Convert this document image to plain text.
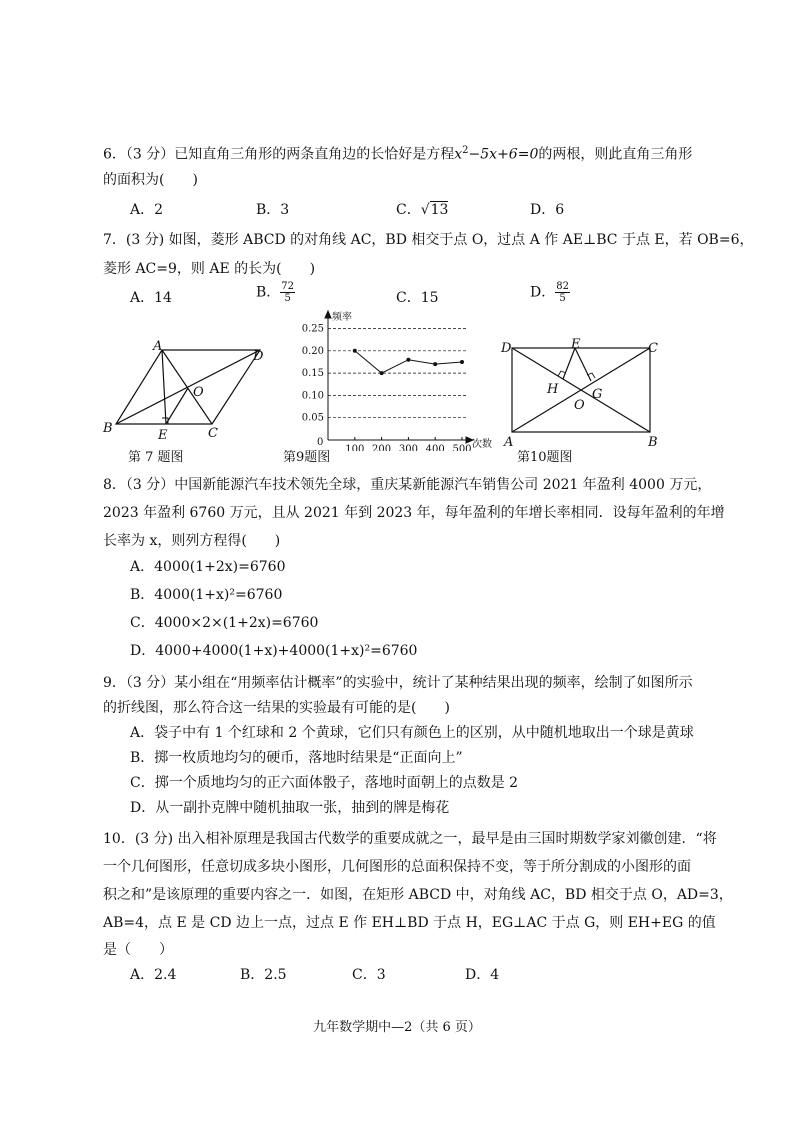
6．（3 分）已知直角三角形的两条直角边的长恰好是方程$x^2-5x+6=0$的两根，则此直角三角形
的面积为(　　)
A．2	B．3	C．√13	D．6
7．(3 分) 如图，菱形 ABCD 的对角线 AC，BD 相交于点 O，过点 A 作 AE⊥BC 于点 E，若 OB=6，
菱形 AC=9，则 AE 的长为(　　)
A．14	B． $\frac{72}{5}$	C．15	D． $\frac{82}{5}$
A
B	C
D
E
O
第 7 题图
0.05
0.10
0.15
0.20
0.25
100 200 300 400 500
频率
次数
0
第9题图
D	C
A	B
E
H
O
G
第10题图
8．（3 分）中国新能源汽车技术领先全球，重庆某新能源汽车销售公司 2021 年盈利 4000 万元，
2023 年盈利 6760 万元，且从 2021 年到 2023 年，每年盈利的年增长率相同．设每年盈利的年增
长率为 x，则列方程得(　　)
A．4000(1+2x)=6760
B．4000(1+x)²=6760
C．4000×2×(1+2x)=6760
D．4000+4000(1+x)+4000(1+x)²=6760
9．（3 分）某小组在“用频率估计概率”的实验中，统计了某种结果出现的频率，绘制了如图所示
的折线图，那么符合这一结果的实验最有可能的是(　　)
A．袋子中有 1 个红球和 2 个黄球，它们只有颜色上的区别，从中随机地取出一个球是黄球
B．掷一枚质地均匀的硬币，落地时结果是“正面向上”
C．掷一个质地均匀的正六面体骰子，落地时面朝上的点数是 2
D．从一副扑克牌中随机抽取一张，抽到的牌是梅花
10．(3 分) 出入相补原理是我国古代数学的重要成就之一，最早是由三国时期数学家刘徽创建．“将
一个几何图形，任意切成多块小图形，几何图形的总面积保持不变，等于所分割成的小图形的面
积之和”是该原理的重要内容之一．如图，在矩形 ABCD 中，对角线 AC，BD 相交于点 O，AD=3，
AB=4，点 E 是 CD 边上一点，过点 E 作 EH⊥BD 于点 H，EG⊥AC 于点 G，则 EH+EG 的值
是（　　）
A．2.4	B．2.5	C．3	D．4
九年数学期中—2（共 6 页）
